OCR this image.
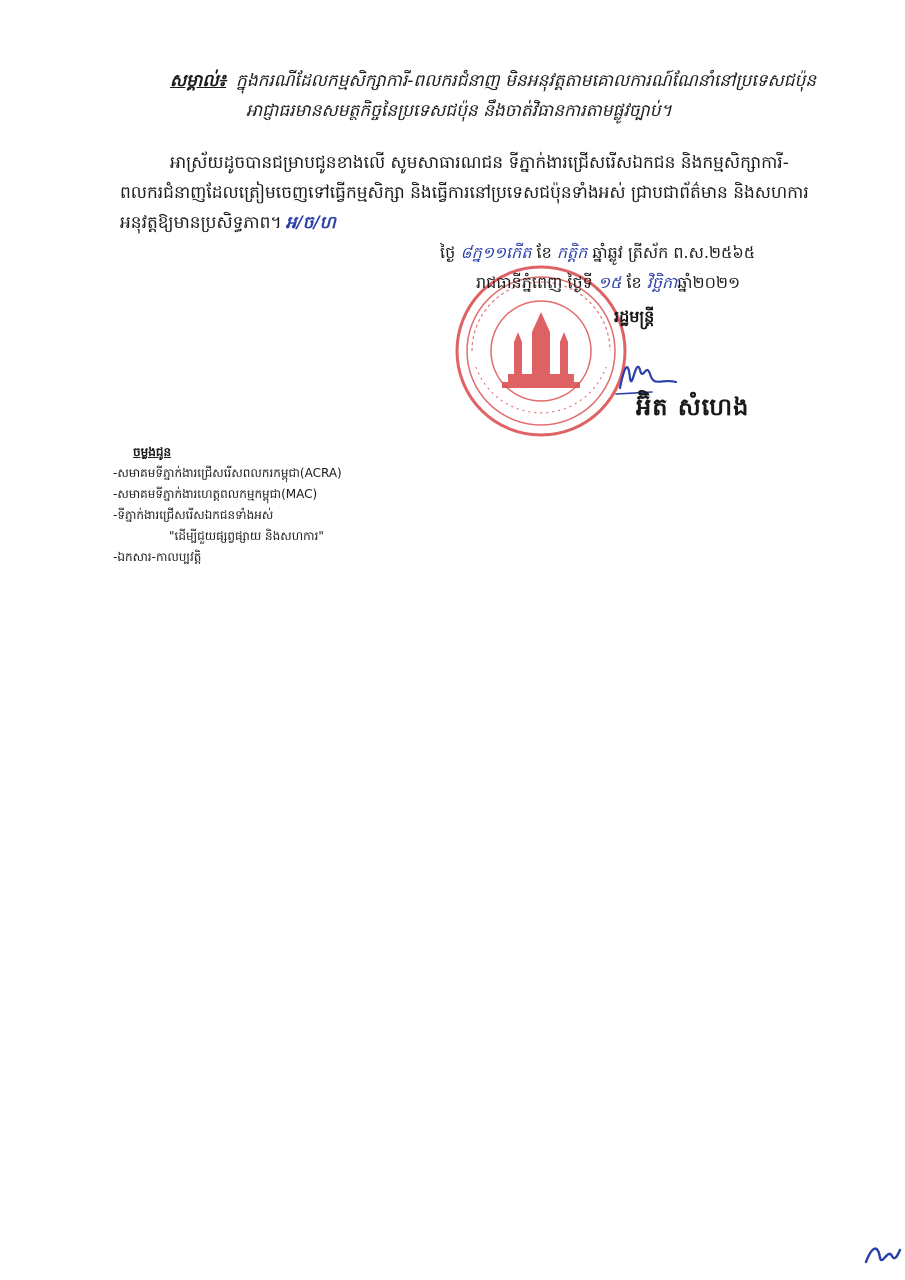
សម្គាល់៖ ក្នុងករណីដែលកម្មសិក្សាការី-ពលករជំនាញ មិនអនុវត្តតាមគោលការណ៍ណែនាំនៅប្រទេសជប៉ុន
អាជ្ញាធរមានសមត្ថកិច្ចនៃប្រទេសជប៉ុន នឹងចាត់វិធានការតាមផ្លូវច្បាប់។
អាស្រ័យដូចបានជម្រាបជូនខាងលើ សូមសាធារណជន ទីភ្នាក់ងារជ្រើសរើសឯកជន និងកម្មសិក្សាការី-
ពលករជំនាញដែលត្រៀមចេញទៅធ្វើកម្មសិក្សា និងធ្វើការនៅប្រទេសជប៉ុនទាំងអស់ ជ្រាបជាព័ត៌មាន និងសហការ
អនុវត្តឱ្យមានប្រសិទ្ធភាព។ អ/ច/ហ
ថ្ងៃ ៨ក្ន១១កើត ខែ កត្តិក ឆ្នាំឆ្លូវ ត្រីស័ក ព.ស.២៥៦៥
រាជធានីភ្នំពេញ ថ្ងៃទី ១៥ ខែ វិច្ឆិកាឆ្នាំ២០២១
រដ្ឋមន្ត្រី
អ៊ិត សំហេង
ចម្លងជូន
-សមាគមទីភ្នាក់ងារជ្រើសរើសពលករកម្ពុជា(ACRA)
-សមាគមទីភ្នាក់ងារហេត្តពលកម្មកម្ពុជា(MAC)
-ទីភ្នាក់ងារជ្រើសរើសឯកជនទាំងអស់
"ដើម្បីជួយផ្សព្វផ្សាយ និងសហការ"
-ឯកសារ-កាលប្បវត្តិ
